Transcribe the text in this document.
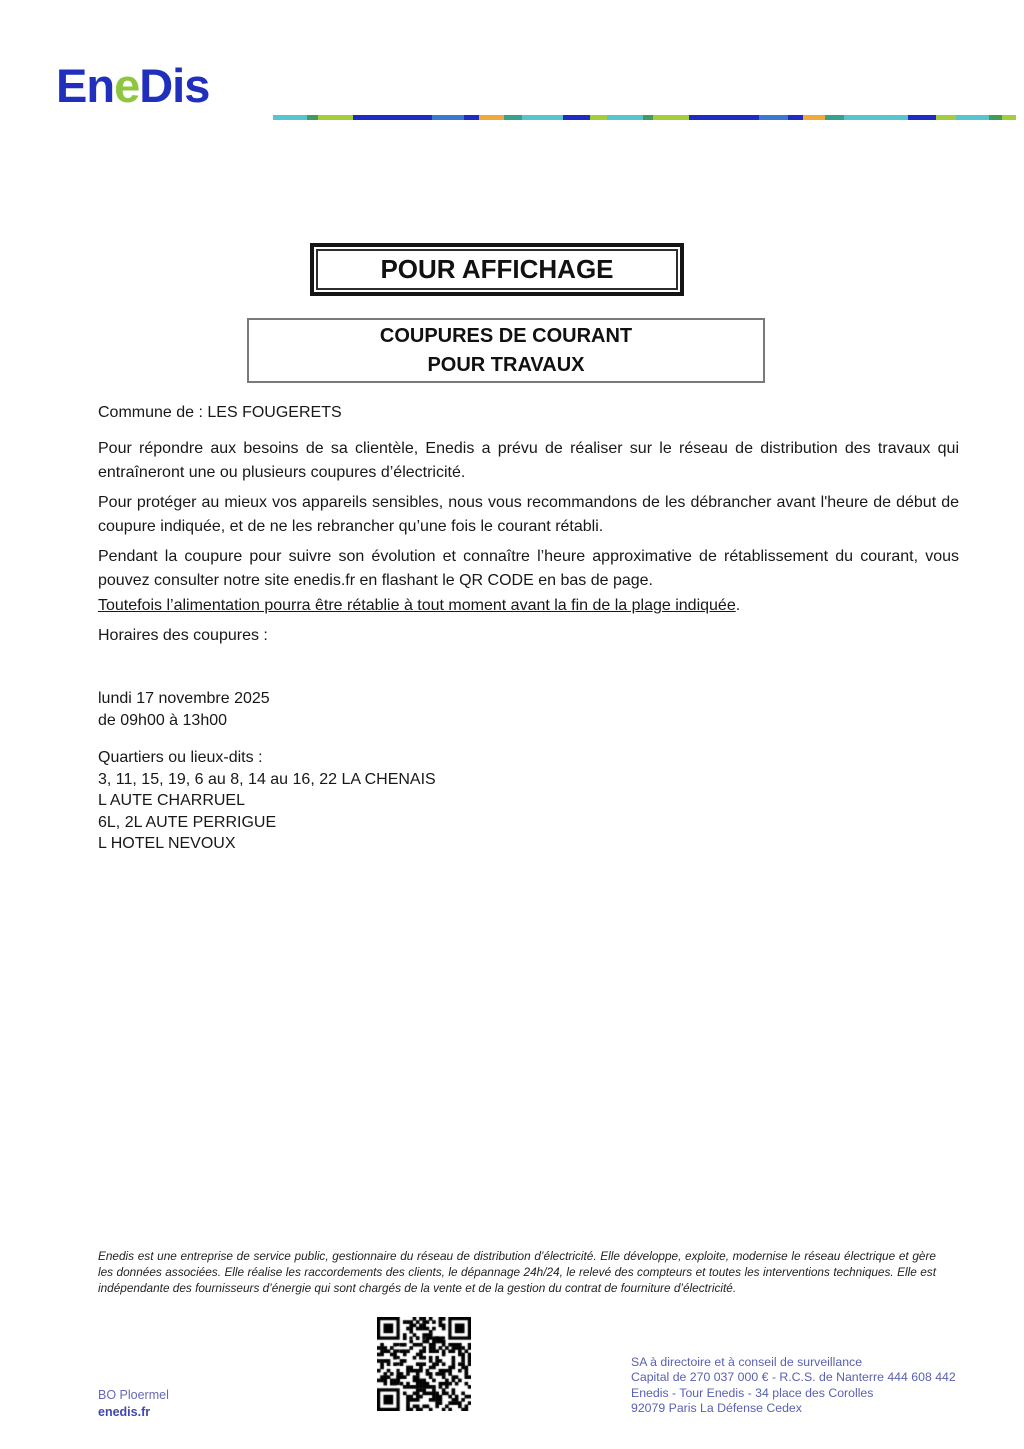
EneDis
POUR AFFICHAGE
COUPURES DE COURANT
POUR TRAVAUX
Commune de : LES FOUGERETS
Pour répondre aux besoins de sa clientèle, Enedis a prévu de réaliser sur le réseau de distribution des travaux qui entraîneront une ou plusieurs coupures d’électricité.
Pour protéger au mieux vos appareils sensibles, nous vous recommandons de les débrancher avant l'heure de début de coupure indiquée, et de ne les rebrancher qu’une fois le courant rétabli.
Pendant la coupure pour suivre son évolution et connaître l’heure approximative de rétablissement du courant, vous pouvez consulter notre site enedis.fr en flashant le QR CODE en bas de page.
Toutefois l’alimentation pourra être rétablie à tout moment avant la fin de la plage indiquée.
Horaires des coupures :
lundi 17 novembre 2025
de 09h00 à 13h00
Quartiers ou lieux-dits :
3, 11, 15, 19, 6 au 8, 14 au 16, 22 LA CHENAIS
L AUTE CHARRUEL
6L, 2L AUTE PERRIGUE
L HOTEL NEVOUX
Enedis est une entreprise de service public, gestionnaire du réseau de distribution d’électricité. Elle développe, exploite, modernise le réseau électrique et gère les données associées. Elle réalise les raccordements des clients, le dépannage 24h/24, le relevé des compteurs et toutes les interventions techniques. Elle est indépendante des fournisseurs d’énergie qui sont chargés de la vente et de la gestion du contrat de fourniture d’électricité.
BO Ploermel
enedis.fr
SA à directoire et à conseil de surveillance
Capital de 270 037 000 € - R.C.S. de Nanterre 444 608 442
Enedis - Tour Enedis - 34 place des Corolles
92079 Paris La Défense Cedex
